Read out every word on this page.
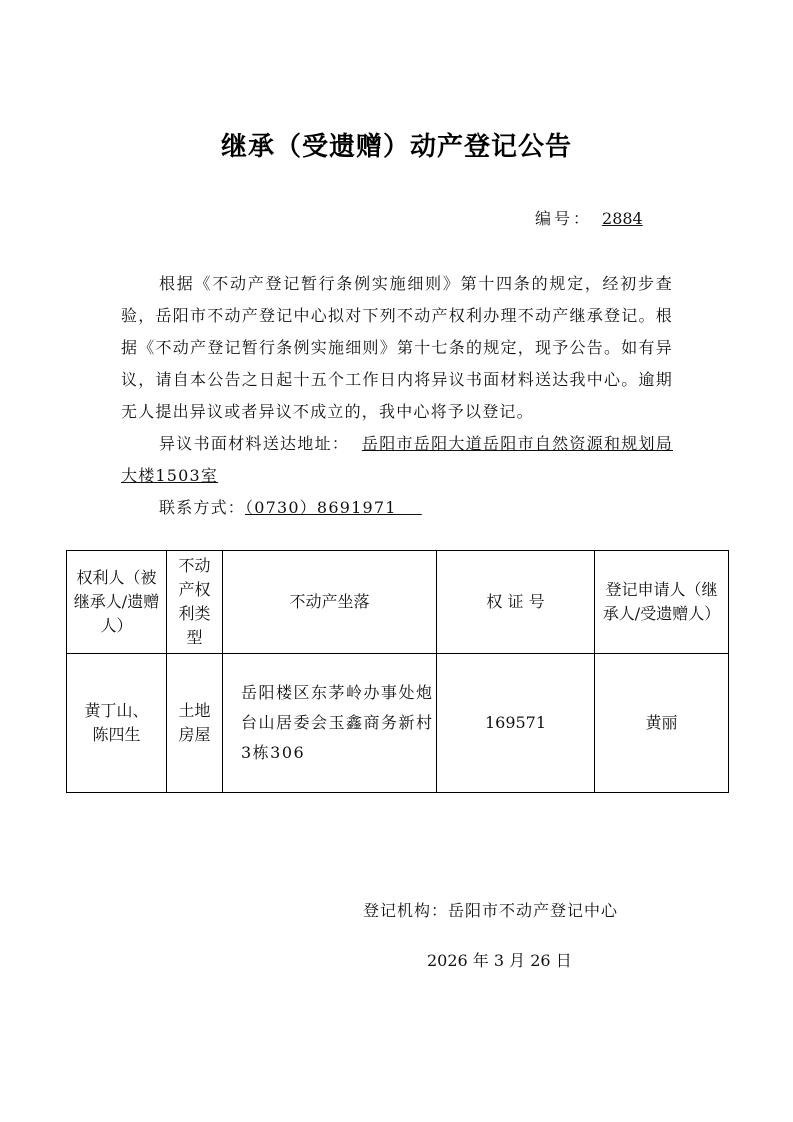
继承（受遗赠）动产登记公告
编号： 2884

根据《不动产登记暂行条例实施细则》第十四条的规定，经初步查验，岳阳市不动产登记中心拟对下列不动产权利办理不动产继承登记。根据《不动产登记暂行条例实施细则》第十七条的规定，现予公告。如有异议，请自本公告之日起十五个工作日内将异议书面材料送达我中心。逾期无人提出异议或者异议不成立的，我中心将予以登记。

异议书面材料送达地址： 岳阳市岳阳大道岳阳市自然资源和规划局大楼1503室

联系方式：（0730）8691971

权利人（被继承人/遗赠人）	不动产权利类型	不动产坐落	权 证 号	登记申请人（继承人/受遗赠人）
黄丁山、陈四生	土地房屋	岳阳楼区东茅岭办事处炮台山居委会玉鑫商务新村3栋306	169571	黄丽
登记机构：岳阳市不动产登记中心
2026 年 3 月 26 日
